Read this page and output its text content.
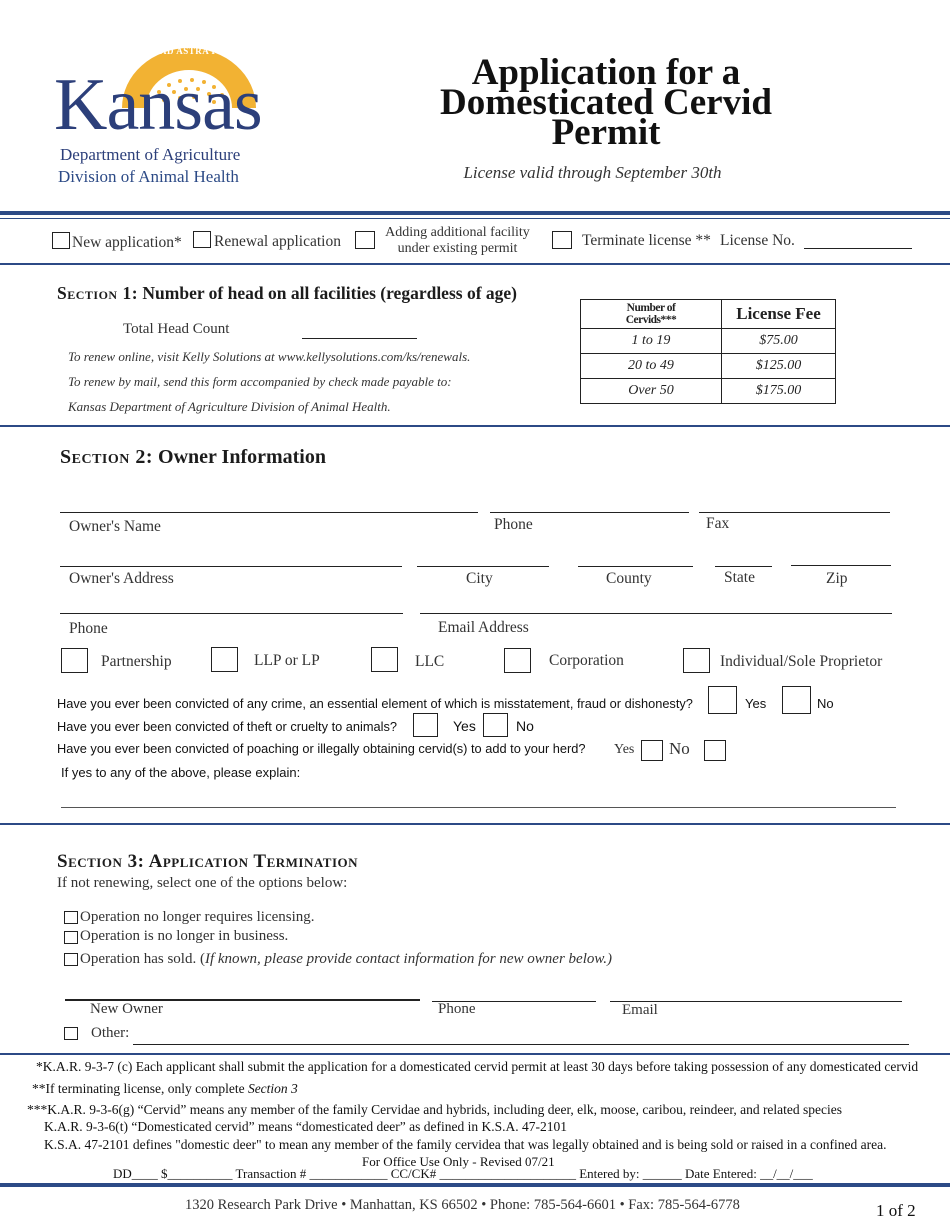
AD ASTRA PER ASPERA
Kansas
Department of Agriculture
Division of Animal Health
Application for a
Domesticated Cervid
Permit
License valid through September 30th
New application* Renewal application
Adding additional facility
under existing permit	Terminate license ** License No.
Section 1: Number of head on all facilities (regardless of age)
Total Head Count
To renew online, visit Kelly Solutions at www.kellysolutions.com/ks/renewals.
To renew by mail, send this form accompanied by check made payable to:
Kansas Department of Agriculture Division of Animal Health.
Number of
Cervids***	License Fee
1 to 19	$75.00
20 to 49	$125.00
Over 50	$175.00
Section 2: Owner Information
Owner's Name	Phone	Fax
Owner's Address	City	County	State	Zip
Phone	Email Address
Partnership	LLP or LP	LLC	Corporation	Individual/Sole Proprietor
Have you ever been convicted of any crime, an essential element of which is misstatement, fraud or dishonesty?	Yes	No
Have you ever been convicted of theft or cruelty to animals?	Yes	No
Have you ever been convicted of poaching or illegally obtaining cervid(s) to add to your herd? Yes No
If yes to any of the above, please explain:
Section 3: Application Termination
If not renewing, select one of the options below:
Operation no longer requires licensing.
Operation is no longer in business.
Operation has sold. (If known, please provide contact information for new owner below.)
New Owner	Phone	Email
Other:
*K.A.R. 9-3-7 (c) Each applicant shall submit the application for a domesticated cervid permit at least 30 days before taking possession of any domesticated cervid
**If terminating license, only complete Section 3
***K.A.R. 9-3-6(g) “Cervid” means any member of the family Cervidae and hybrids, including deer, elk, moose, caribou, reindeer, and related species
K.A.R. 9-3-6(t) “Domesticated cervid” means “domesticated deer” as defined in K.S.A. 47-2101
K.S.A. 47-2101 defines "domestic deer" to mean any member of the family cervidea that was legally obtained and is being sold or raised in a confined area.
For Office Use Only - Revised 07/21
DD____ $__________ Transaction # ____________ CC/CK# _____________________ Entered by: ______ Date Entered: __/__/___
1320 Research Park Drive • Manhattan, KS 66502 • Phone: 785-564-6601 • Fax: 785-564-6778	1 of 2
